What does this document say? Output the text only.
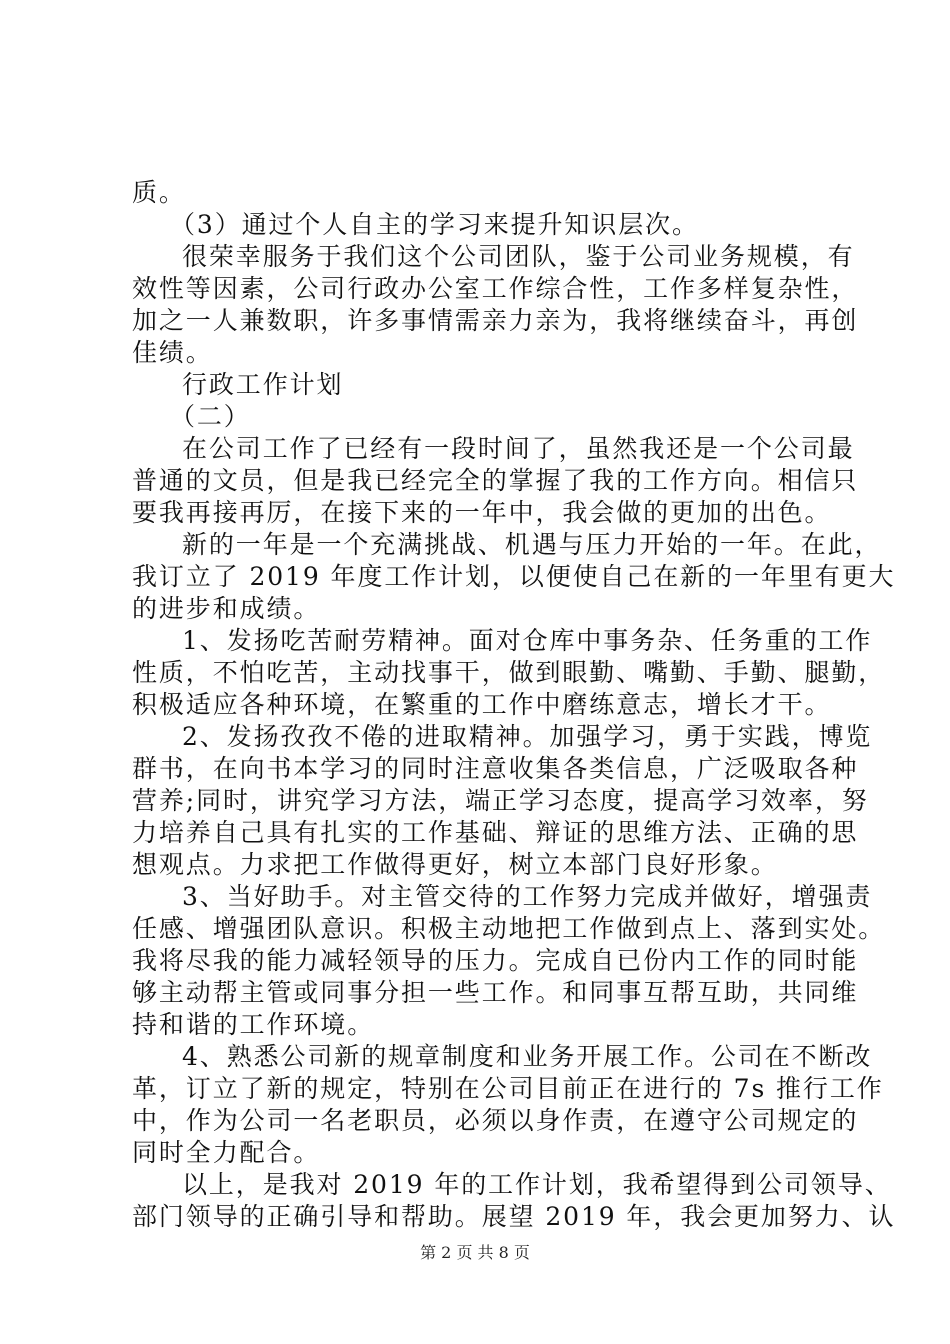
质。
（3）通过个人自主的学习来提升知识层次。
很荣幸服务于我们这个公司团队，鉴于公司业务规模，有
效性等因素，公司行政办公室工作综合性，工作多样复杂性，
加之一人兼数职，许多事情需亲力亲为，我将继续奋斗，再创
佳绩。
行政工作计划
（二）
在公司工作了已经有一段时间了，虽然我还是一个公司最
普通的文员，但是我已经完全的掌握了我的工作方向。相信只
要我再接再厉，在接下来的一年中，我会做的更加的出色。
新的一年是一个充满挑战、机遇与压力开始的一年。在此，
我订立了 2019 年度工作计划，以便使自己在新的一年里有更大
的进步和成绩。
1、发扬吃苦耐劳精神。面对仓库中事务杂、任务重的工作
性质，不怕吃苦，主动找事干，做到眼勤、嘴勤、手勤、腿勤，
积极适应各种环境，在繁重的工作中磨练意志，增长才干。
2、发扬孜孜不倦的进取精神。加强学习，勇于实践，博览
群书，在向书本学习的同时注意收集各类信息，广泛吸取各种
营养;同时，讲究学习方法，端正学习态度，提高学习效率，努
力培养自己具有扎实的工作基础、辩证的思维方法、正确的思
想观点。力求把工作做得更好，树立本部门良好形象。
3、当好助手。对主管交待的工作努力完成并做好，增强责
任感、增强团队意识。积极主动地把工作做到点上、落到实处。
我将尽我的能力减轻领导的压力。完成自已份内工作的同时能
够主动帮主管或同事分担一些工作。和同事互帮互助，共同维
持和谐的工作环境。
4、熟悉公司新的规章制度和业务开展工作。公司在不断改
革，订立了新的规定，特别在公司目前正在进行的 7s 推行工作
中，作为公司一名老职员，必须以身作责，在遵守公司规定的
同时全力配合。
以上，是我对 2019 年的工作计划，我希望得到公司领导、
部门领导的正确引导和帮助。展望 2019 年，我会更加努力、认
第 2 页 共 8 页
